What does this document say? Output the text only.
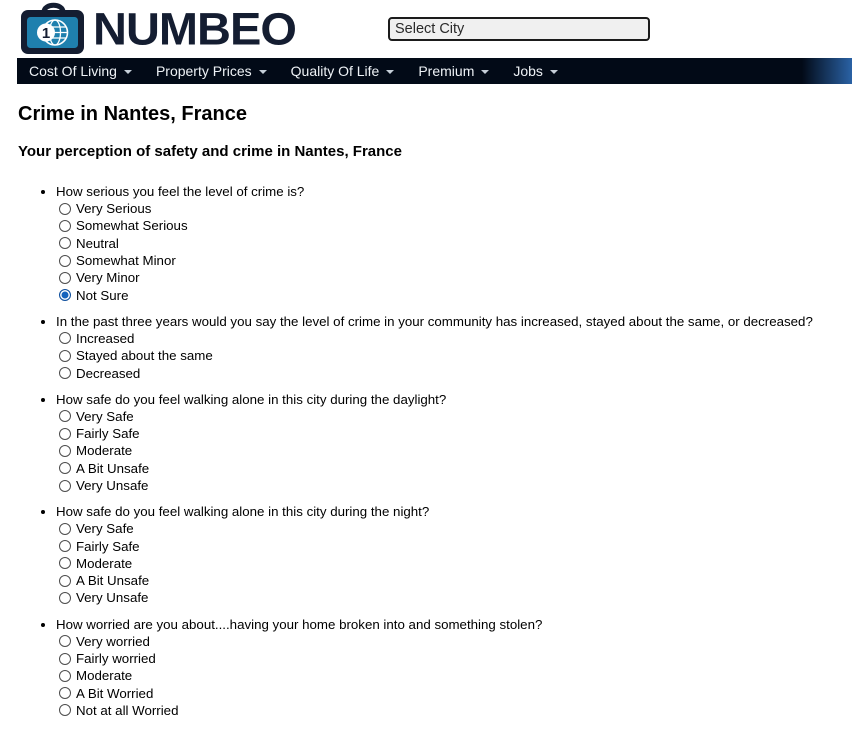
1 NUMBEO
Select City
Cost Of Living	Property Prices	Quality Of Life	Premium	Jobs
Crime in Nantes, France
Your perception of safety and crime in Nantes, France
• How serious you feel the level of crime is?
Very Serious
Somewhat Serious
Neutral
Somewhat Minor
Very Minor
Not Sure
• In the past three years would you say the level of crime in your community has increased, stayed about the same, or decreased?
Increased
Stayed about the same
Decreased
• How safe do you feel walking alone in this city during the daylight?
Very Safe
Fairly Safe
Moderate
A Bit Unsafe
Very Unsafe
• How safe do you feel walking alone in this city during the night?
Very Safe
Fairly Safe
Moderate
A Bit Unsafe
Very Unsafe
• How worried are you about....having your home broken into and something stolen?
Very worried
Fairly worried
Moderate
A Bit Worried
Not at all Worried
